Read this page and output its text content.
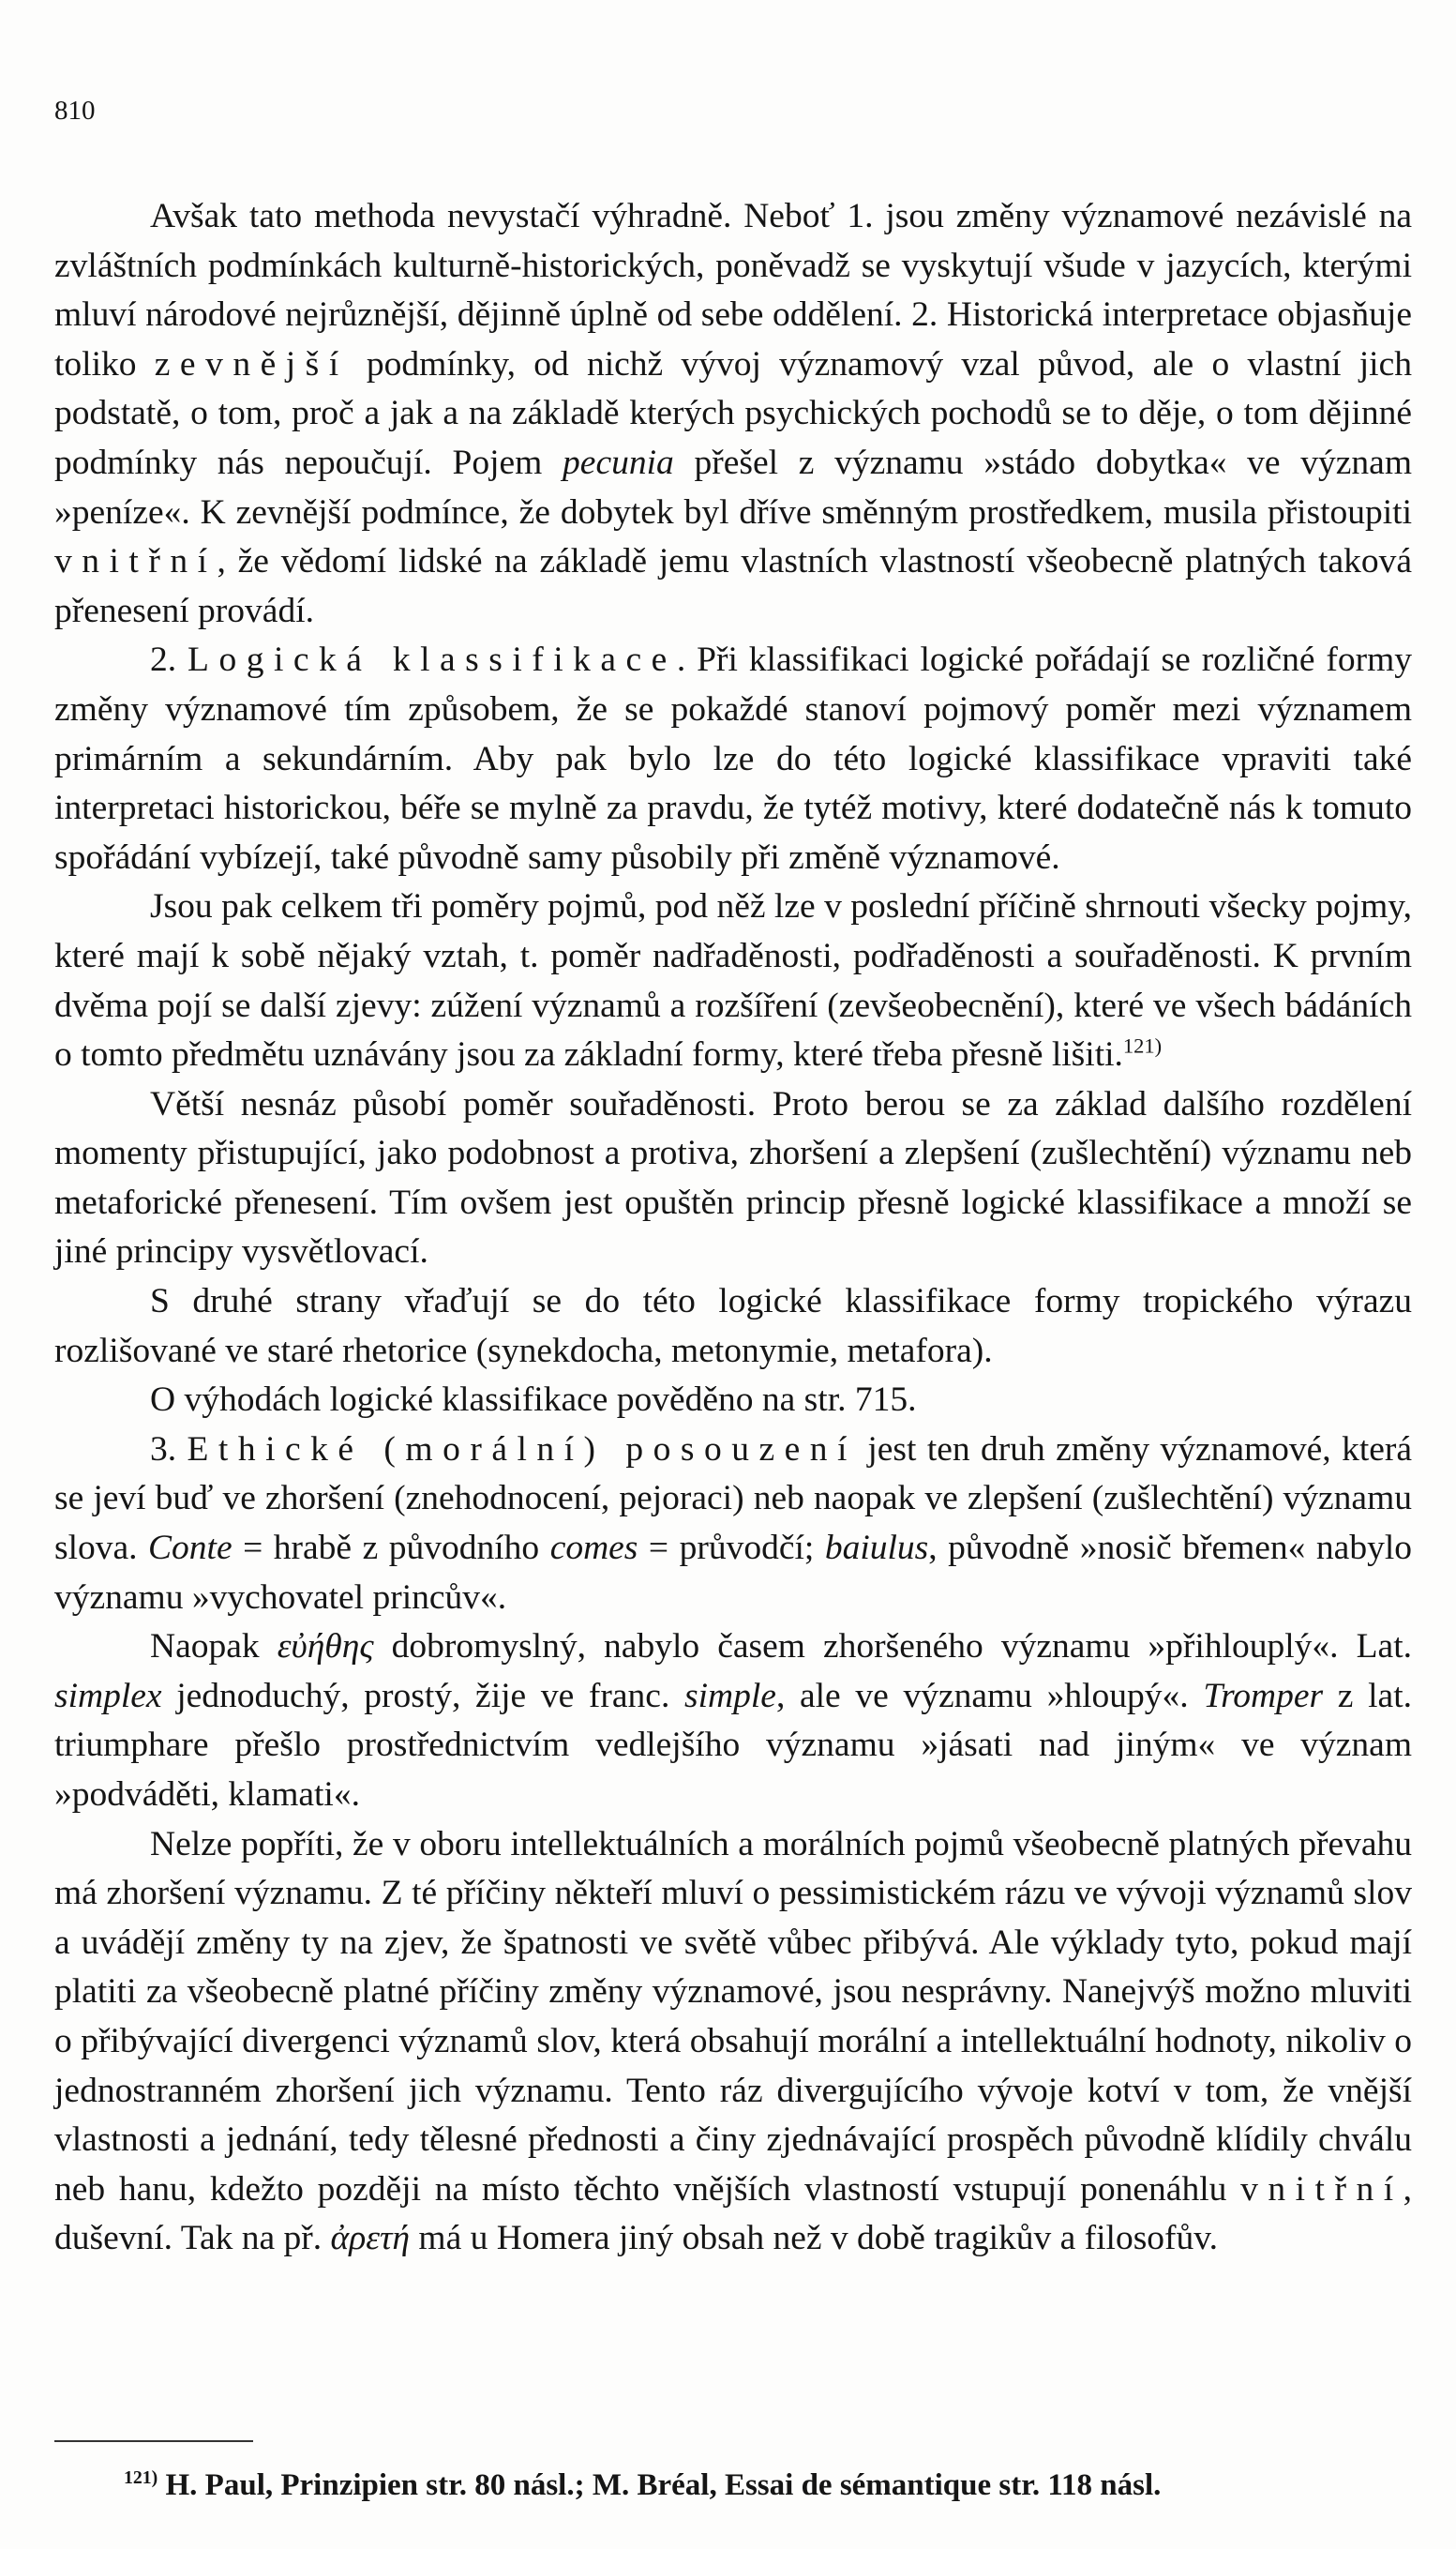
810

Avšak tato methoda nevystačí výhradně. Neboť 1. jsou změny významové nezávislé na zvláštních podmínkách kulturně-historických, poněvadž se vyskytují všude v jazycích, kterými mluví národové nejrůznější, dějinně úplně od sebe oddělení. 2. Historická interpretace objasňuje toliko zevnější podmínky, od nichž vývoj významový vzal původ, ale o vlastní jich podstatě, o tom, proč a jak a na základě kterých psychických pochodů se to děje, o tom dějinné podmínky nás nepoučují. Pojem pecunia přešel z významu »stádo dobytka« ve význam »peníze«. K zevnější podmínce, že dobytek byl dříve směnným prostředkem, musila přistoupiti vnitřní, že vědomí lidské na základě jemu vlastních vlastností všeobecně platných taková přenesení provádí.

2. Logická klassifikace. Při klassifikaci logické pořádají se rozličné formy změny významové tím způsobem, že se pokaždé stanoví pojmový poměr mezi významem primárním a sekundárním. Aby pak bylo lze do této logické klassifikace vpraviti také interpretaci historickou, béře se mylně za pravdu, že tytéž motivy, které dodatečně nás k tomuto spořádání vybízejí, také původně samy působily při změně významové.

Jsou pak celkem tři poměry pojmů, pod něž lze v poslední příčině shrnouti všecky pojmy, které mají k sobě nějaký vztah, t. poměr nadřaděnosti, podřaděnosti a souřaděnosti. K prvním dvěma pojí se další zjevy: zúžení významů a rozšíření (zevšeobecnění), které ve všech bádáních o tomto předmětu uznávány jsou za základní formy, které třeba přesně lišiti.$^{121)}$

Větší nesnáz působí poměr souřaděnosti. Proto berou se za základ dalšího rozdělení momenty přistupující, jako podobnost a protiva, zhoršení a zlepšení (zušlechtění) významu neb metaforické přenesení. Tím ovšem jest opuštěn princip přesně logické klassifikace a množí se jiné principy vysvětlovací.

S druhé strany vřaďují se do této logické klassifikace formy tropického výrazu rozlišované ve staré rhetorice (synekdocha, metonymie, metafora).

O výhodách logické klassifikace pověděno na str. 715.

3. Ethické (morální) posouzení jest ten druh změny významové, která se jeví buď ve zhoršení (znehodnocení, pejoraci) neb naopak ve zlepšení (zušlechtění) významu slova. Conte = hrabě z původního comes = průvodčí; baiulus, původně »nosič břemen« nabylo významu »vychovatel princův«.

Naopak εὐήθης dobromyslný, nabylo časem zhoršeného významu »přihlouplý«. Lat. simplex jednoduchý, prostý, žije ve franc. simple, ale ve významu »hloupý«. Tromper z lat. triumphare přešlo prostřednictvím vedlejšího významu »jásati nad jiným« ve význam »podváděti, klamati«.

Nelze popříti, že v oboru intellektuálních a morálních pojmů všeobecně platných převahu má zhoršení významu. Z té příčiny někteří mluví o pessimistickém rázu ve vývoji významů slov a uvádějí změny ty na zjev, že špatnosti ve světě vůbec přibývá. Ale výklady tyto, pokud mají platiti za všeobecně platné příčiny změny významové, jsou nesprávny. Nanejvýš možno mluviti o přibývající divergenci významů slov, která obsahují morální a intellektuální hodnoty, nikoliv o jednostranném zhoršení jich významu. Tento ráz divergujícího vývoje kotví v tom, že vnější vlastnosti a jednání, tedy tělesné přednosti a činy zjednávající prospěch původně klídily chválu neb hanu, kdežto později na místo těchto vnějších vlastností vstupují ponenáhlu vnitřní, duševní. Tak na př. ἀρετή má u Homera jiný obsah než v době tragikův a filosofův.

$^{121)}$ H. Paul, Prinzipien str. 80 násl.; M. Bréal, Essai de sémantique str. 118 násl.
